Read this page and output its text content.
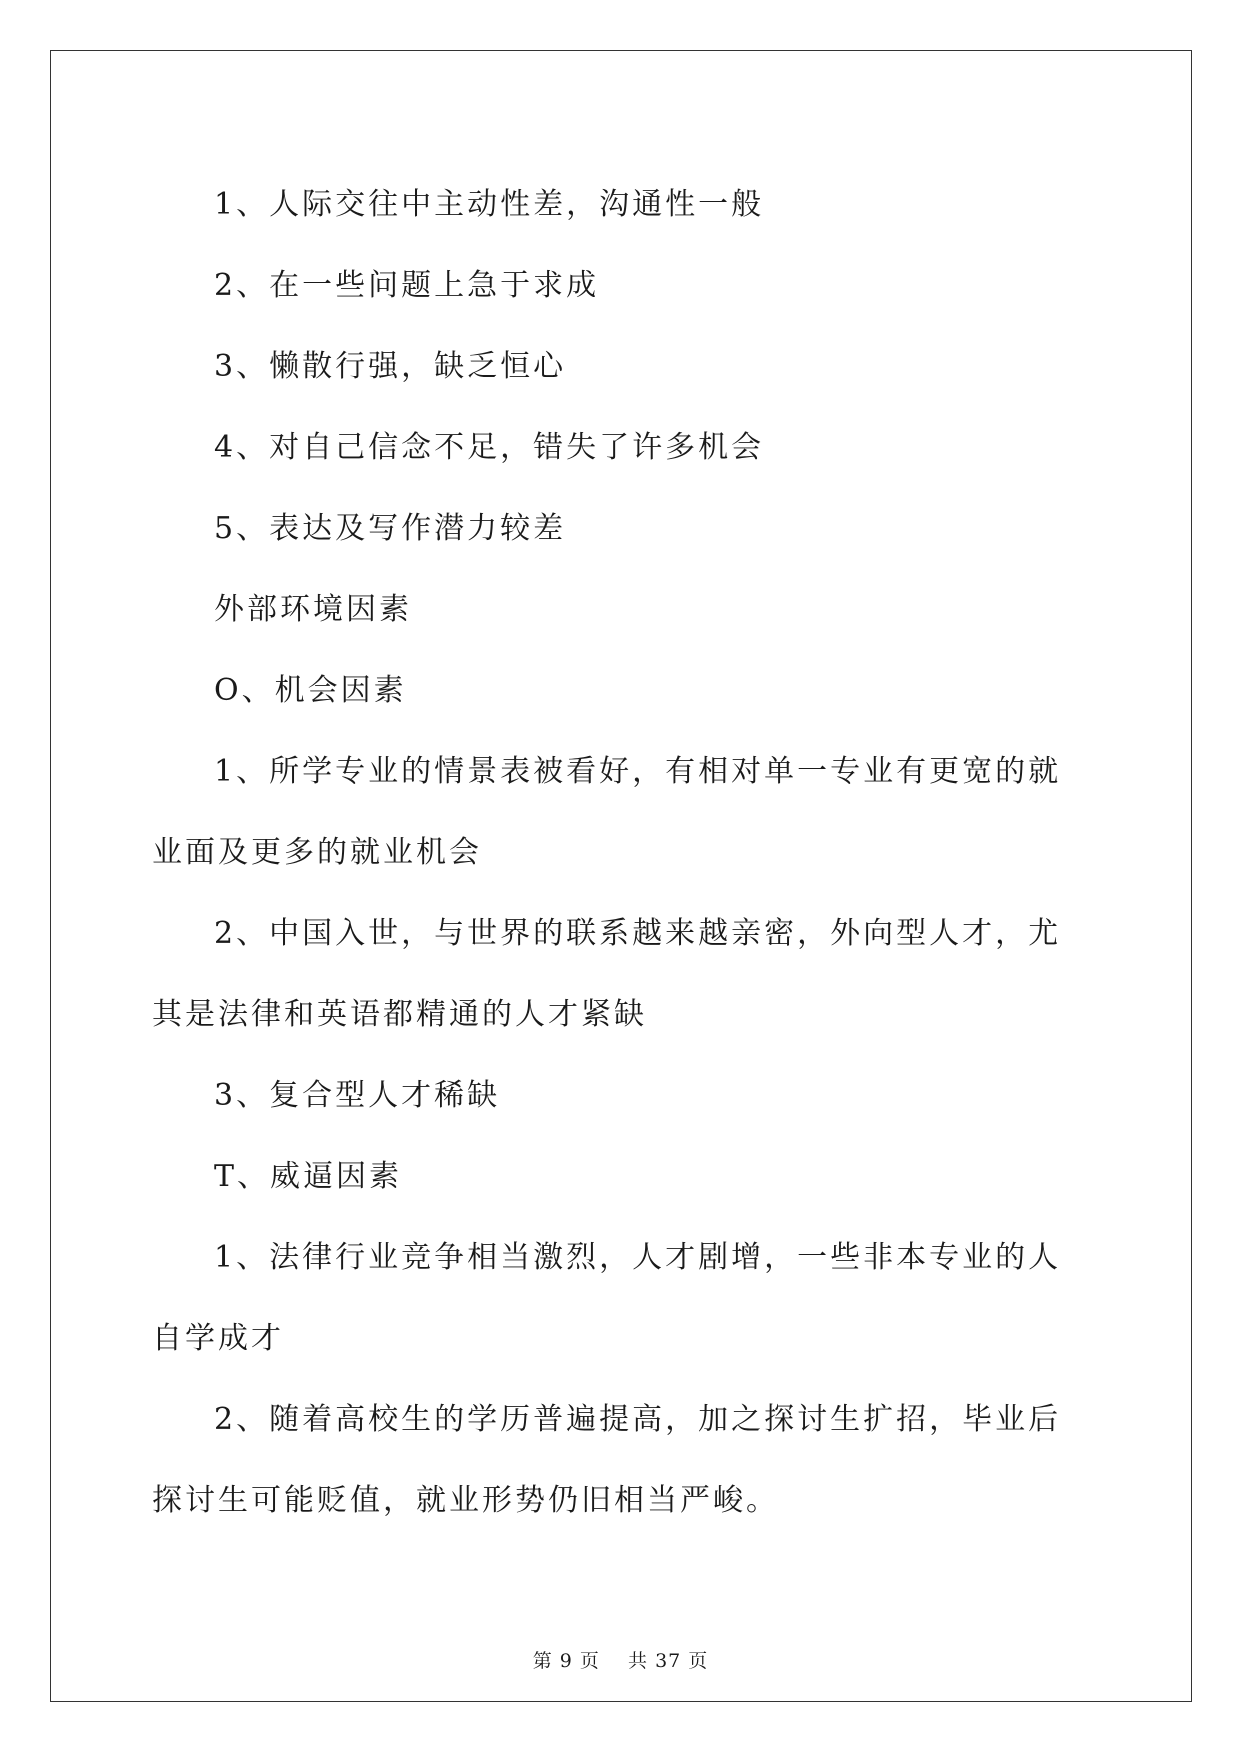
1、人际交往中主动性差，沟通性一般

2、在一些问题上急于求成

3、懒散行强，缺乏恒心

4、对自己信念不足，错失了许多机会

5、表达及写作潜力较差

外部环境因素

O、机会因素

1、所学专业的情景表被看好，有相对单一专业有更宽的就业面及更多的就业机会

2、中国入世，与世界的联系越来越亲密，外向型人才，尤其是法律和英语都精通的人才紧缺

3、复合型人才稀缺

T、威逼因素

1、法律行业竞争相当激烈，人才剧增，一些非本专业的人自学成才

2、随着高校生的学历普遍提高，加之探讨生扩招，毕业后探讨生可能贬值，就业形势仍旧相当严峻。

第 9 页 共 37 页
